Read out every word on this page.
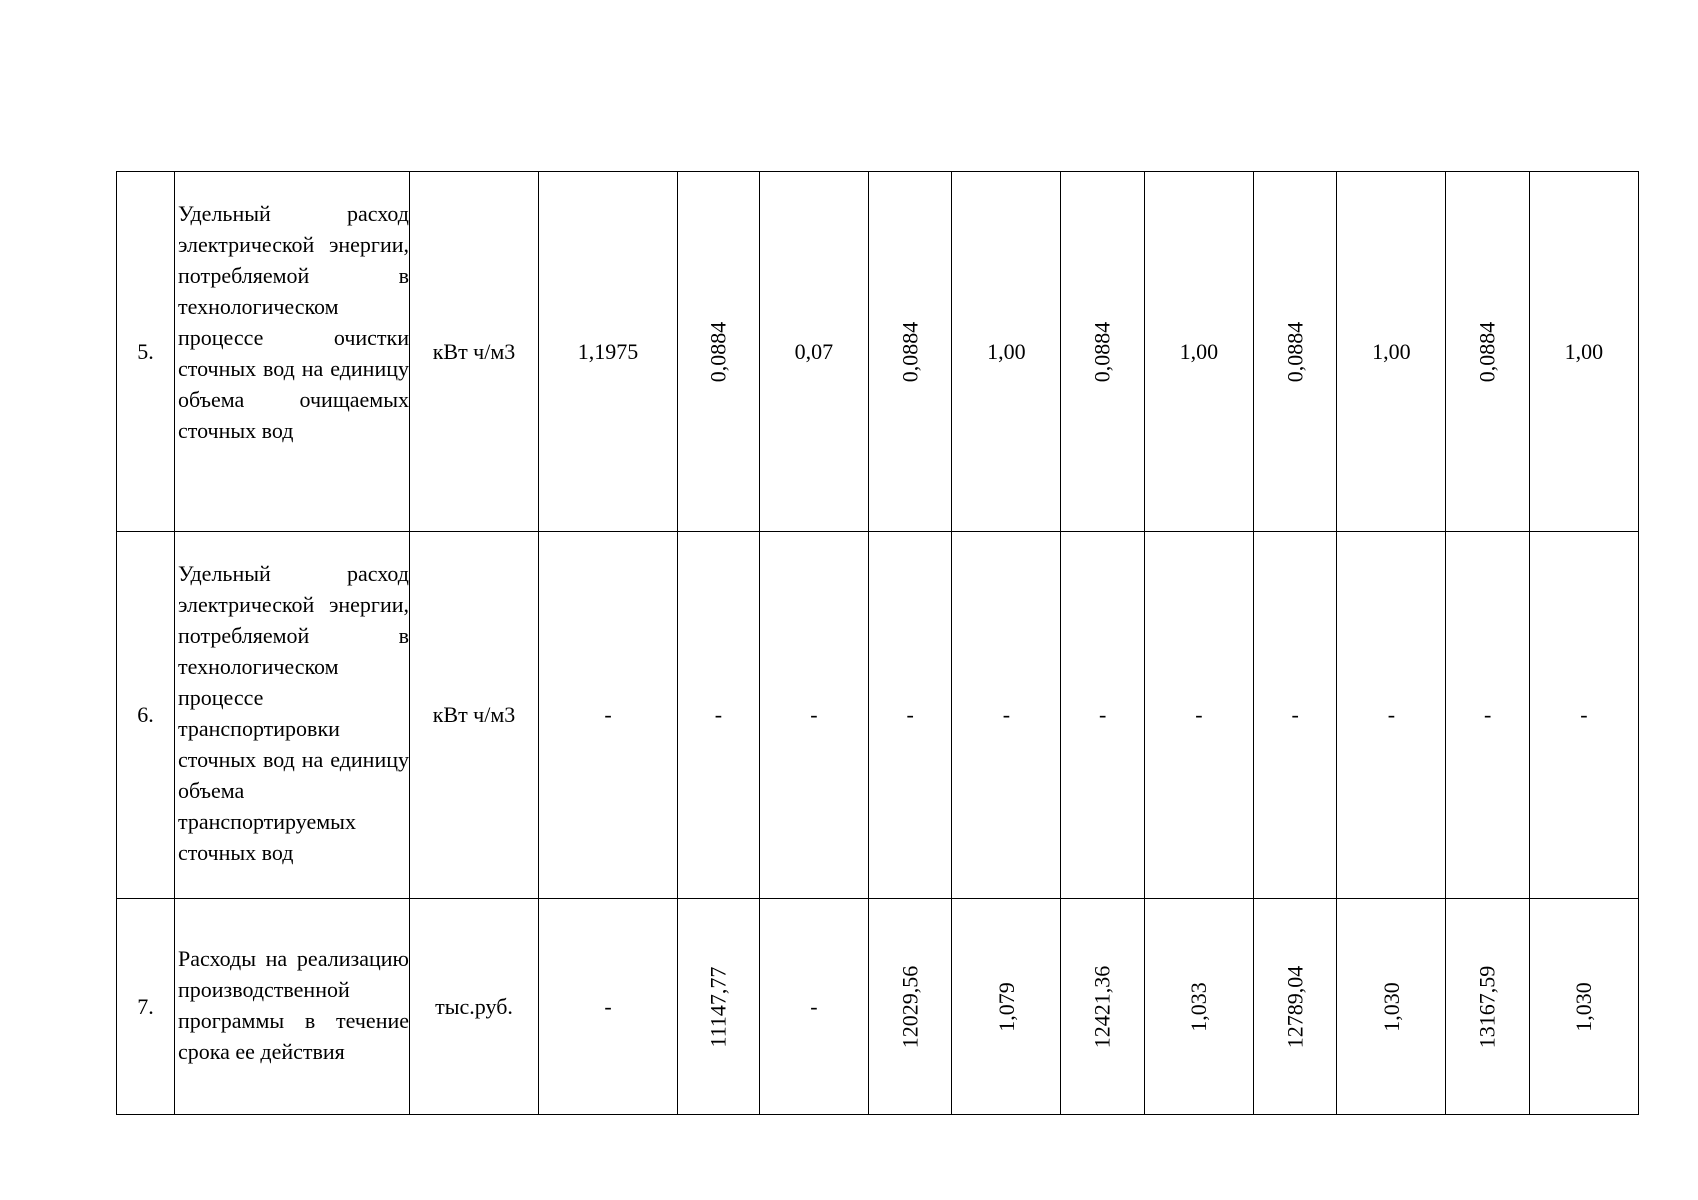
5.	Удельный расход электрической энергии, потребляемой в технологическом процессе очистки сточных вод на единицу объема очищаемых сточных вод	кВт ч/м3	1,1975	0,0884	0,07	0,0884	1,00	0,0884	1,00	0,0884	1,00	0,0884	1,00
6.	Удельный расход электрической энергии, потребляемой в технологическом процессе транспортировки сточных вод на единицу объема транспортируемых сточных вод	кВт ч/м3	-	-	-	-	-	-	-	-	-	-	-
7.	Расходы на реализацию производственной программы в течение срока ее действия	тыс.руб.	-	11147,77	-	12029,56	1,079	12421,36	1,033	12789,04	1,030	13167,59	1,030
